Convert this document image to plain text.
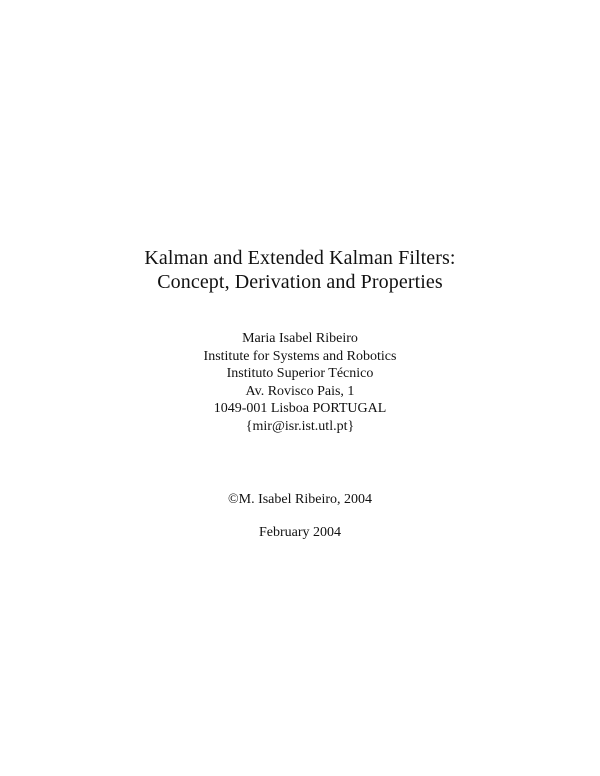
Kalman and Extended Kalman Filters:
Concept, Derivation and Properties
Maria Isabel Ribeiro
Institute for Systems and Robotics
Instituto Superior Técnico
Av. Rovisco Pais, 1
1049-001 Lisboa PORTUGAL
{mir@isr.ist.utl.pt}
©M. Isabel Ribeiro, 2004
February 2004
